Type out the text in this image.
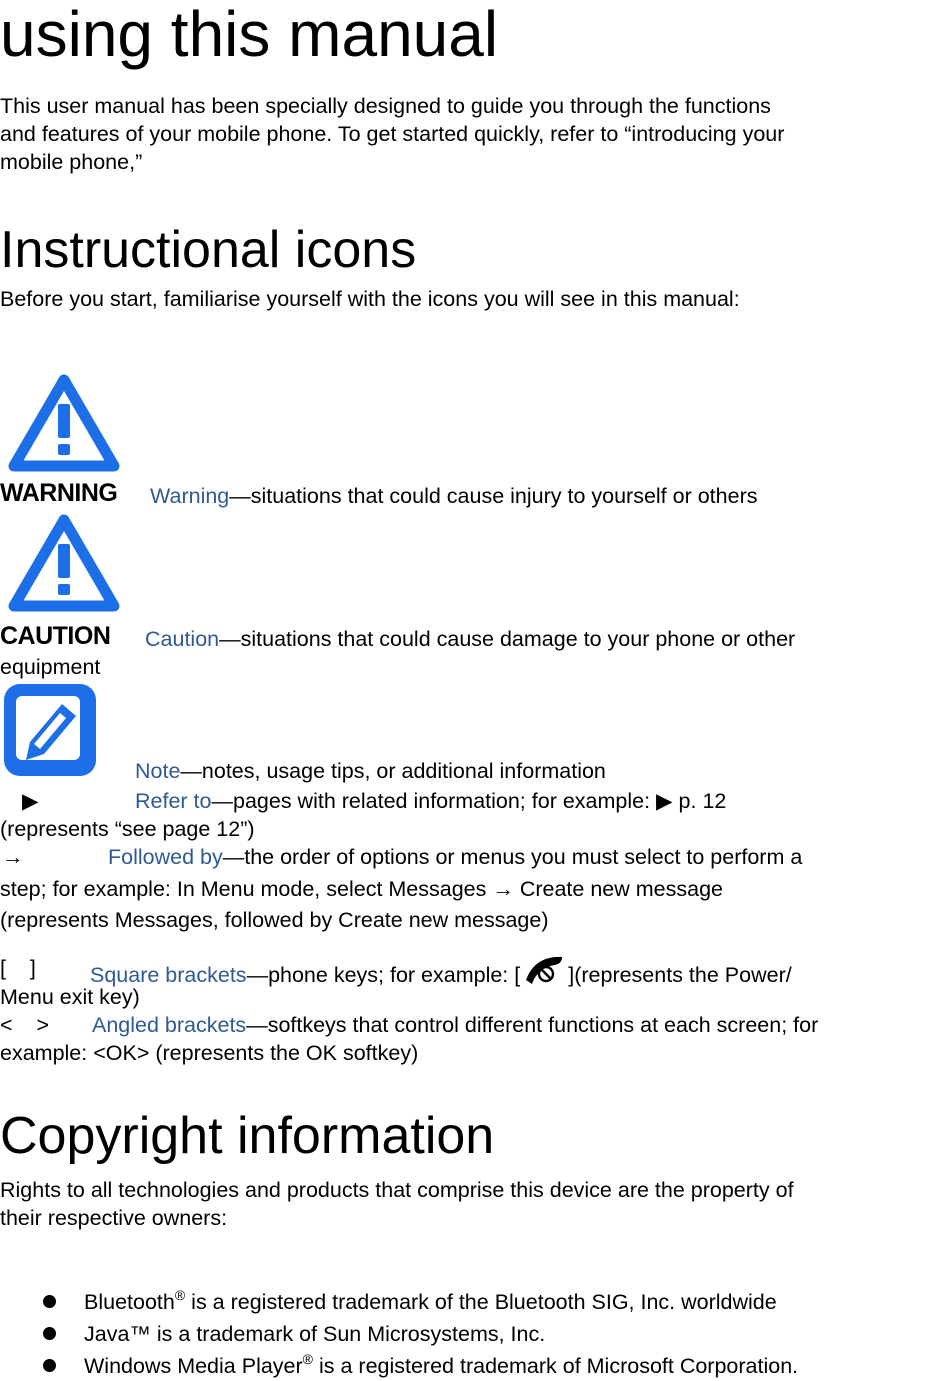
using this manual
This user manual has been specially designed to guide you through the functions
and features of your mobile phone. To get started quickly, refer to “introducing your
mobile phone,”
Instructional icons
Before you start, familiarise yourself with the icons you will see in this manual:
WARNING Warning—situations that could cause injury to yourself or others
CAUTION Caution—situations that could cause damage to your phone or other
equipment
Note—notes, usage tips, or additional information
▶	Refer to—pages with related information; for example: ▶ p. 12
(represents “see page 12”)
→	Followed by—the order of options or menus you must select to perform a
step; for example: In Menu mode, select Messages → Create new message
(represents Messages, followed by Create new message)
[    ]	Square brackets—phone keys; for example: [ ](represents the Power/
Menu exit key)
<    > Angled brackets—softkeys that control different functions at each screen; for
example: <OK> (represents the OK softkey)
Copyright information
Rights to all technologies and products that comprise this device are the property of
their respective owners:
Bluetooth® is a registered trademark of the Bluetooth SIG, Inc. worldwide
Java™ is a trademark of Sun Microsystems, Inc.
Windows Media Player® is a registered trademark of Microsoft Corporation.
